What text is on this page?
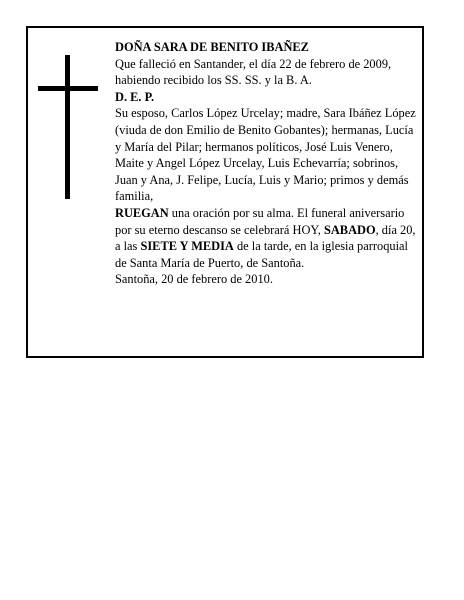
DOÑA SARA DE BENITO IBAÑEZ

Que falleció en Santander, el día 22 de febrero de 2009, habiendo recibido los SS. SS. y la B. A.

D. E. P.

Su esposo, Carlos López Urcelay; madre, Sara Ibáñez López (viuda de don Emilio de Benito Gobantes); hermanas, Lucía y María del Pilar; hermanos políticos, José Luis Venero, Maite y Angel López Urcelay, Luis Echevarría; sobrinos, Juan y Ana, J. Felipe, Lucía, Luis y Mario; primos y demás familia,

RUEGAN una oración por su alma. El funeral aniversario por su eterno descanso se celebrará HOY, SABADO, día 20, a las SIETE Y MEDIA de la tarde, en la iglesia parroquial de Santa María de Puerto, de Santoña.

Santoña, 20 de febrero de 2010.
